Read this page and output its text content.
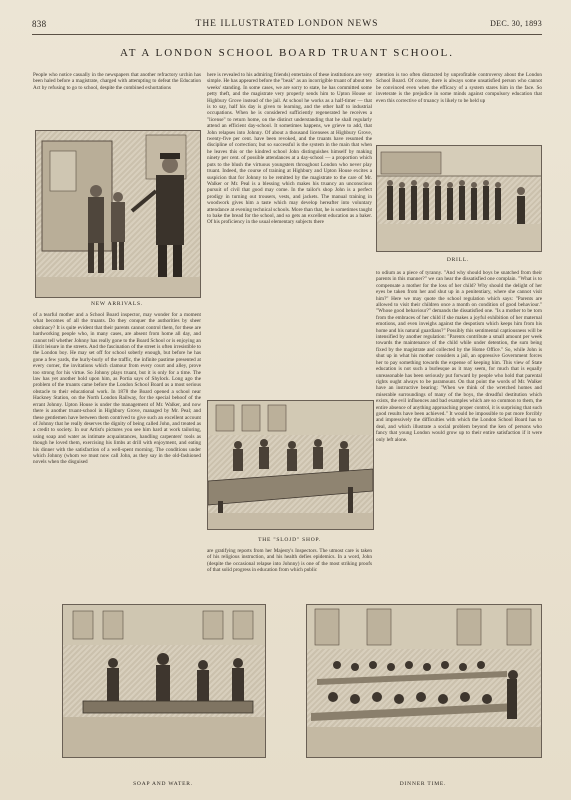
838	THE ILLUSTRATED LONDON NEWS	DEC. 30, 1893
AT A LONDON SCHOOL BOARD TRUANT SCHOOL.
People who notice casually in the newspapers that another refractory urchin has been haled before a magistrate, charged with attempting to defeat the Education Act by refusing to go to school, despite the combined exhortations
here is revealed to his admiring friends) entertains of these institutions are very simple. He has appeared before the "beak" as an incorrigible truant of about ten weeks' standing. In some cases, we are sorry to state, he has committed some petty theft, and the magistrate very properly sends him to Upton House or Highbury Grove instead of the jail. At school he works as a half-timer — that is to say, half his day is given to learning, and the other half to industrial occupations. When he is considered sufficiently regenerated he receives a "license" to return home, on the distinct understanding that he shall regularly attend an efficient day-school. It sometimes happens, we grieve to add, that John relapses into Johnny. Of about a thousand licensees at Highbury Grove, twenty-five per cent. have been revoked, and the truants have resumed the discipline of correction; but so successful is the system in the main that when he leaves this or the kindred school John distinguishes himself by making ninety per cent. of possible attendances at a day-school — a proportion which puts to the blush the virtuous youngsters throughout London who never play truant. Indeed, the course of training at Highbury and Upton House excites a suspicion that for Johnny to be remitted by the magistrate to the care of Mr. Walker or Mr. Peal is a blessing which makes his truancy an unconscious pursuit of civil that good may come. In the tailor's shop John is a perfect prodigy in turning out trousers, vests, and jackets. The manual training in woodwork gives him a taste which may develop hereafter into voluntary attendance at evening technical schools. More than that, he is sometimes taught to bake the bread for the school, and so gets an excellent education as a baker. Of his proficiency in the usual elementary subjects there
attention is too often distracted by unprofitable controversy about the London School Board. Of course, there is always some unsatisfied person who cannot be convinced even when the efficacy of a system stares him in the face. So inveterate is the prejudice in some minds against compulsory education that even this corrective of truancy is likely to be held up
NEW ARRIVALS.
of a tearful mother and a School Board inspector, may wonder for a moment what becomes of all the truants. Do they conquer the authorities by sheer obstinacy? It is quite evident that their parents cannot control them, for these are hardworking people who, in many cases, are absent from home all day, and cannot tell whether Johnny has really gone to the Board School or is enjoying an illicit leisure in the streets. And the fascination of the street is often irresistible to the London boy. He may set off for school soberly enough, but before he has gone a few yards, the hurly-burly of the traffic, the infinite pastime presented at every corner, the invitations which clamour from every court and alley, prove too strong for his virtue. So Johnny plays truant, but it is only for a time. The law has yet another hold upon him, as Portia says of Shylock. Long ago the problem of the truants came before the London School Board as a most serious obstacle to their educational work. In 1878 the Board opened a school near Hackney Station, on the North London Railway, for the special behoof of the errant Johnny. Upton House is under the management of Mr. Walker, and now there is another truant-school in Highbury Grove, managed by Mr. Peal; and these gentlemen have between them contrived to give such an excellent account of Johnny that he really deserves the dignity of being called John, and treated as a credit to society. In our Artist's pictures you see him hard at work tailoring, using soap and water as intimate acquaintances, handling carpenters' tools as though he loved them, exercising his limbs at drill with enjoyment, and eating his dinner with the satisfaction of a well-spent morning. The conditions under which Johnny (whom we must now call John, as they say in the old-fashioned novels when the disguised
DRILL.
to odium as a piece of tyranny. "And why should boys be snatched from their parents in this manner?" we can hear the dissatisfied one complain. "What is to compensate a mother for the loss of her child? Why should the delight of her eyes be taken from her and shut up in a penitentiary, where she cannot visit him?" Here we may quote the school regulation which says: "Parents are allowed to visit their children once a month on condition of good behaviour." "Whose good behaviour?" demands the dissatisfied one. "Is a mother to be torn from the embraces of her child if she makes a joyful exhibition of her maternal emotions, and even inveighs against the despotism which keeps him from his home and his natural guardians?" Possibly this sentimental captiousness will be intensified by another regulation: "Parents contribute a small amount per week towards the maintenance of the child while under detention, the sum being fixed by the magistrate and collected by the Home Office." So, while John is shut up in what his mother considers a jail, an oppressive Government forces her to pay something towards the expense of keeping him. This view of State education is not such a burlesque as it may seem, for much that is equally unreasonable has been seriously put forward by people who hold that parental rights ought always to be paramount. On that point the words of Mr. Walker have an instructive bearing: "When we think of the wretched homes and miserable surroundings of many of the boys, the dreadful destitution which exists, the evil influences and bad examples which are so common to them, the entire absence of anything approaching proper control, it is surprising that such good results have been achieved." It would be impossible to put more forcibly and impressively the difficulties with which the London School Board has to deal, and which illustrate a social problem beyond the ken of persons who fancy that young London would grow up to their entire satisfaction if it were only left alone.
THE "SLOJD" SHOP.
are gratifying reports from her Majesty's Inspectors. The utmost care is taken of his religious instruction, and his health defies epidemics. In a word, John (despite the occasional relapse into Johnny) is one of the most striking proofs of that solid progress in education from which public
SOAP AND WATER.	DINNER TIME.
